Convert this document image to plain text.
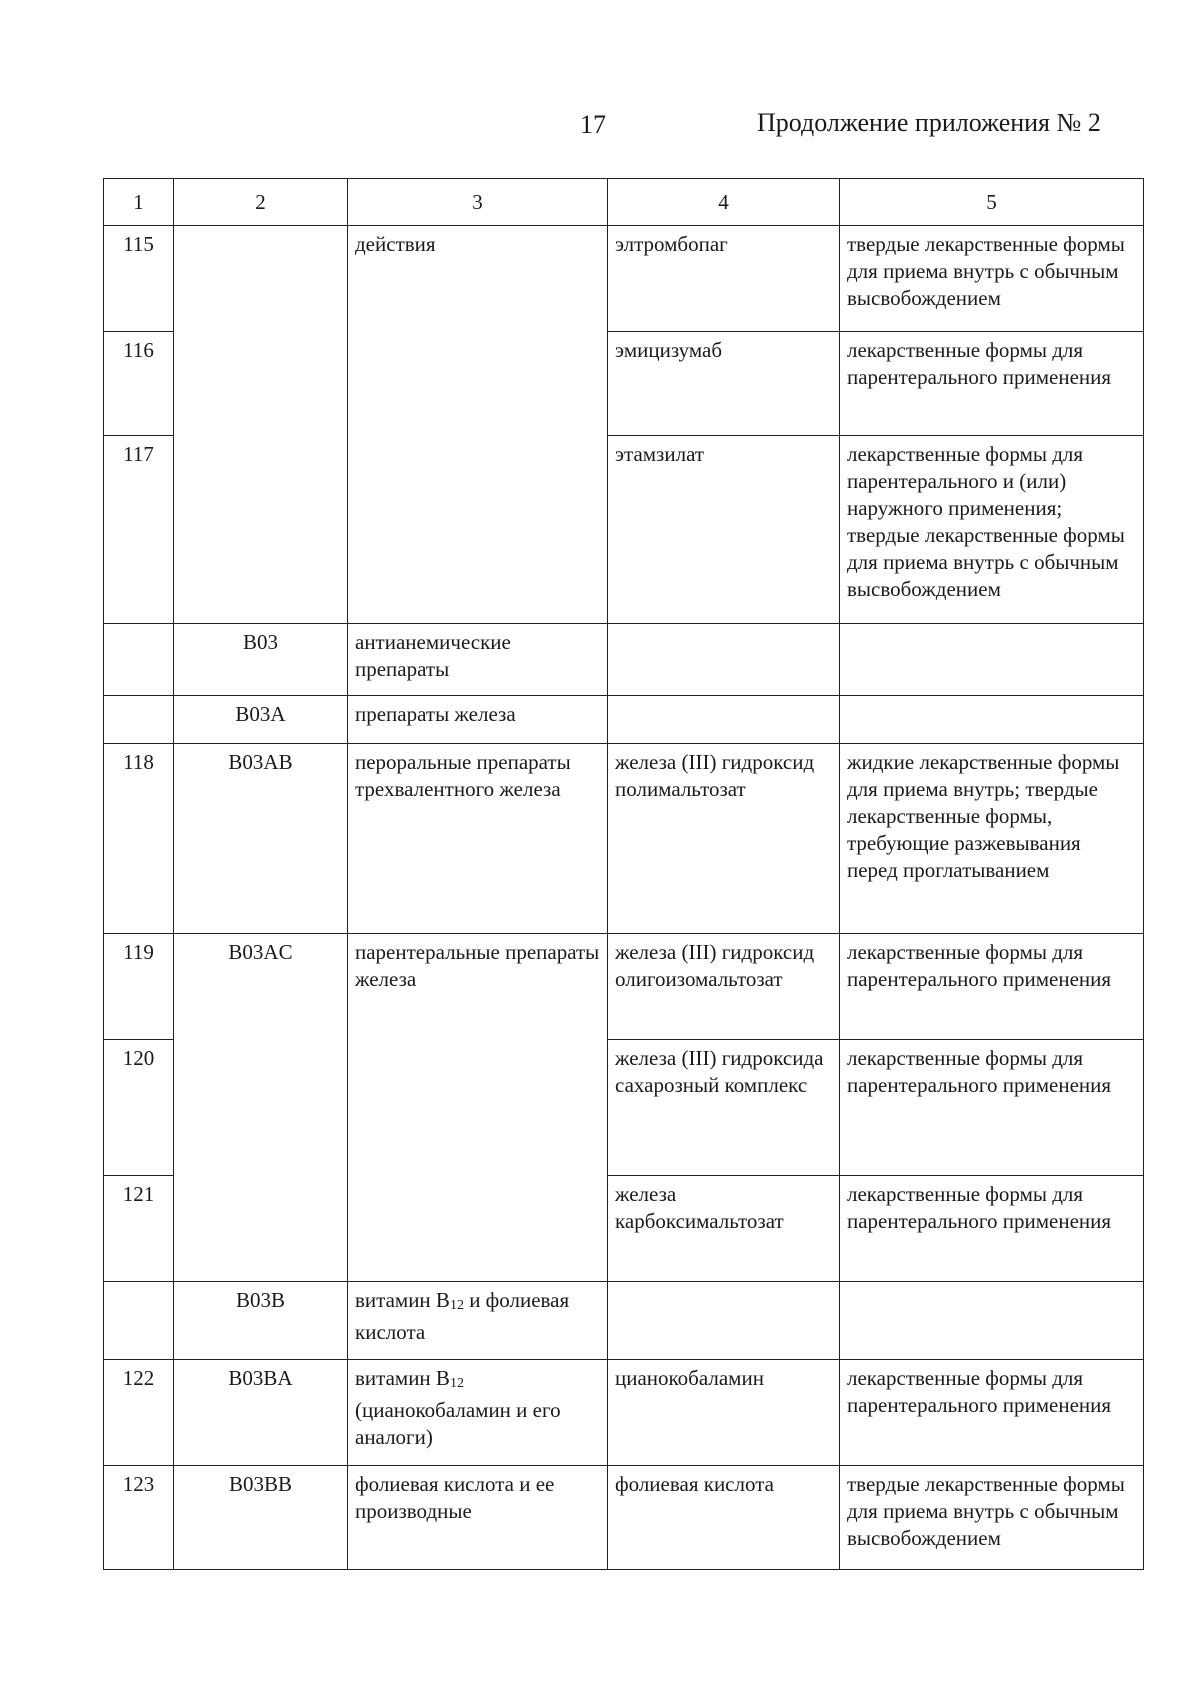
17	Продолжение приложения № 2
1	2	3	4	5
115		действия	элтромбопаг	твердые лекарственные формы для приема внутрь с обычным высвобождением
116			эмицизумаб	лекарственные формы для парентерального применения
117			этамзилат	лекарственные формы для парентерального и (или) наружного применения; твердые лекарственные формы для приема внутрь с обычным высвобождением
	B03	антианемические препараты		
	B03A	препараты железа		
118	B03AB	пероральные препараты трехвалентного железа	железа (III) гидроксид полимальтозат	жидкие лекарственные формы для приема внутрь; твердые лекарственные формы, требующие разжевывания перед проглатыванием
119	B03AC	парентеральные препараты железа	железа (III) гидроксид олигоизомальтозат	лекарственные формы для парентерального применения
120			железа (III) гидроксида сахарозный комплекс	лекарственные формы для парентерального применения
121			железа карбоксимальтозат	лекарственные формы для парентерального применения
	B03B	витамин $B_{12}$ и фолиевая кислота		
122	B03BA	витамин $B_{12}$ (цианокобаламин и его аналоги)	цианокобаламин	лекарственные формы для парентерального применения
123	B03BB	фолиевая кислота и ее производные	фолиевая кислота	твердые лекарственные формы для приема внутрь с обычным высвобождением
